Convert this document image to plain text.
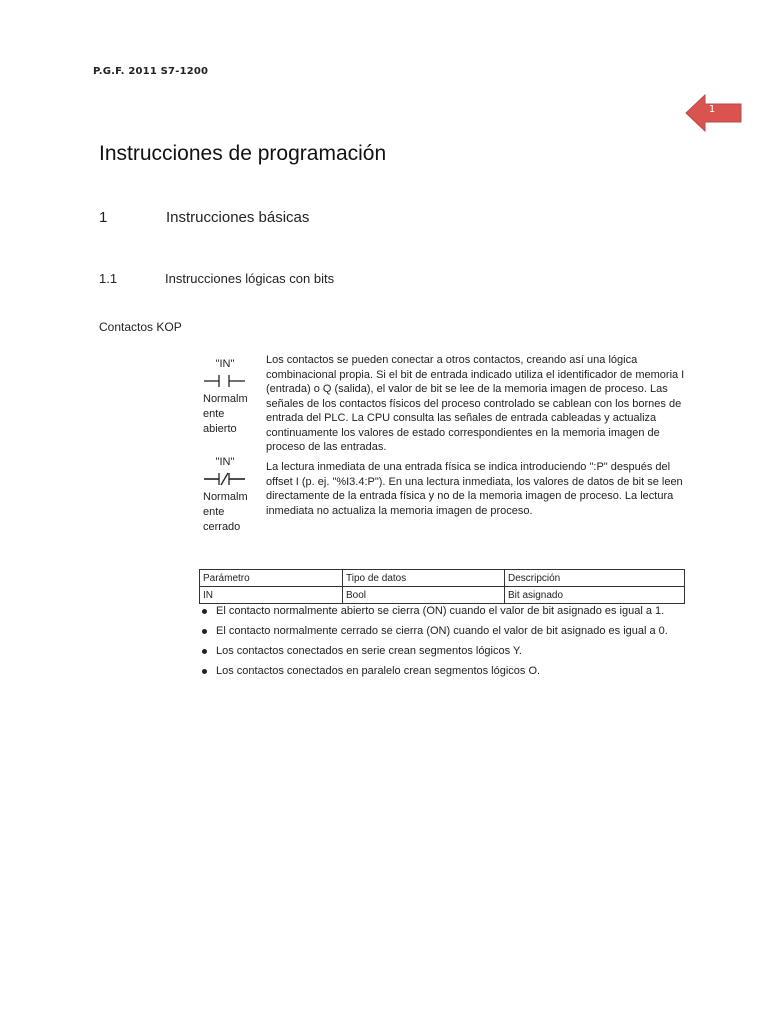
P.G.F. 2011 S7-1200
1
Instrucciones de programación
1	Instrucciones básicas
1.1	Instrucciones lógicas con bits
Contactos KOP
"IN"
Normalm ente abierto
Los contactos se pueden conectar a otros contactos, creando así una lógica combinacional propia. Si el bit de entrada indicado utiliza el identificador de memoria I (entrada) o Q (salida), el valor de bit se lee de la memoria imagen de proceso. Las señales de los contactos físicos del proceso controlado se cablean con los bornes de entrada del PLC. La CPU consulta las señales de entrada cableadas y actualiza continuamente los valores de estado correspondientes en la memoria imagen de proceso de las entradas.
"IN"
Normalm ente cerrado
La lectura inmediata de una entrada física se indica introduciendo ":P" después del offset I (p. ej. "%I3.4:P"). En una lectura inmediata, los valores de datos de bit se leen directamente de la entrada física y no de la memoria imagen de proceso. La lectura inmediata no actualiza la memoria imagen de proceso.
Parámetro	Tipo de datos	Descripción
IN	Bool	Bit asignado
El contacto normalmente abierto se cierra (ON) cuando el valor de bit asignado es igual a 1.
El contacto normalmente cerrado se cierra (ON) cuando el valor de bit asignado es igual a 0.
Los contactos conectados en serie crean segmentos lógicos Y.
Los contactos conectados en paralelo crean segmentos lógicos O.
